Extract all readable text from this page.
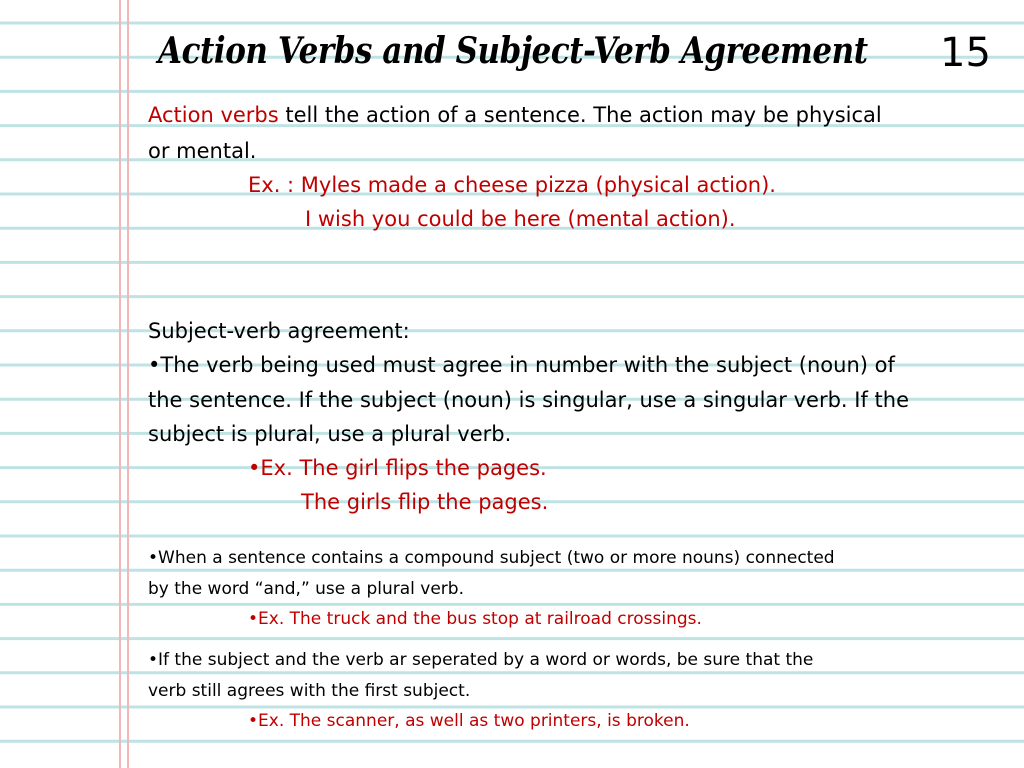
Action Verbs and Subject-Verb Agreement 15
Action verbs tell the action of a sentence. The action may be physical
or mental.
Ex. : Myles made a cheese pizza (physical action).
I wish you could be here (mental action).
Subject-verb agreement:
•The verb being used must agree in number with the subject (noun) of
the sentence. If the subject (noun) is singular, use a singular verb. If the
subject is plural, use a plural verb.
•Ex. The girl flips the pages.
The girls flip the pages.
•When a sentence contains a compound subject (two or more nouns) connected
by the word “and,” use a plural verb.
•Ex. The truck and the bus stop at railroad crossings.
•If the subject and the verb ar seperated by a word or words, be sure that the
verb still agrees with the first subject.
•Ex. The scanner, as well as two printers, is broken.
